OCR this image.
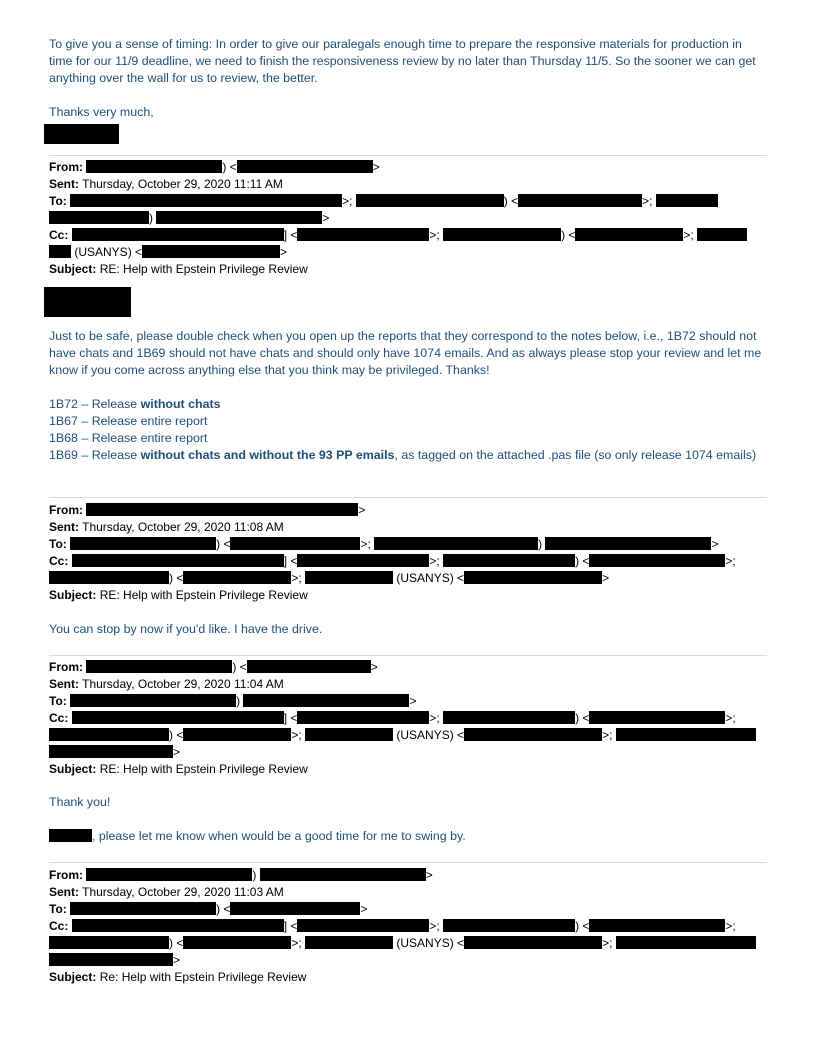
To give you a sense of timing: In order to give our paralegals enough time to prepare the responsive materials for production in time for our 11/9 deadline, we need to finish the responsiveness review by no later than Thursday 11/5. So the sooner we can get anything over the wall for us to review, the better.
Thanks very much,
From:	) <	>
Sent: Thursday, October 29, 2020 11:11 AM
To:	>;	) <	>;
)	>
Cc:	] <	>;	) <	>;
(USANYS) <	>
Subject: RE: Help with Epstein Privilege Review
Just to be safe, please double check when you open up the reports that they correspond to the notes below, i.e., 1B72 should not have chats and 1B69 should not have chats and should only have 1074 emails. And as always please stop your review and let me know if you come across anything else that you think may be privileged. Thanks!
1B72 – Release without chats
1B67 – Release entire report
1B68 – Release entire report
1B69 – Release without chats and without the 93 PP emails, as tagged on the attached .pas file (so only release 1074 emails)
From:	>
Sent: Thursday, October 29, 2020 11:08 AM
To:	) <	>;	)	>
Cc:	] <	>;	) <	>;
) <	>;	(USANYS) <	>
Subject: RE: Help with Epstein Privilege Review
You can stop by now if you'd like. I have the drive.
From:	) <	>
Sent: Thursday, October 29, 2020 11:04 AM
To:	)	>
Cc:	] <	>;	) <	>;
) <	>;	(USANYS) <	>;
>
Subject: RE: Help with Epstein Privilege Review
Thank you!
, please let me know when would be a good time for me to swing by.
From:	)	>
Sent: Thursday, October 29, 2020 11:03 AM
To:	) <	>
Cc:	] <	>;	) <	>;
) <	>;	(USANYS) <	>;
>
Subject: Re: Help with Epstein Privilege Review
